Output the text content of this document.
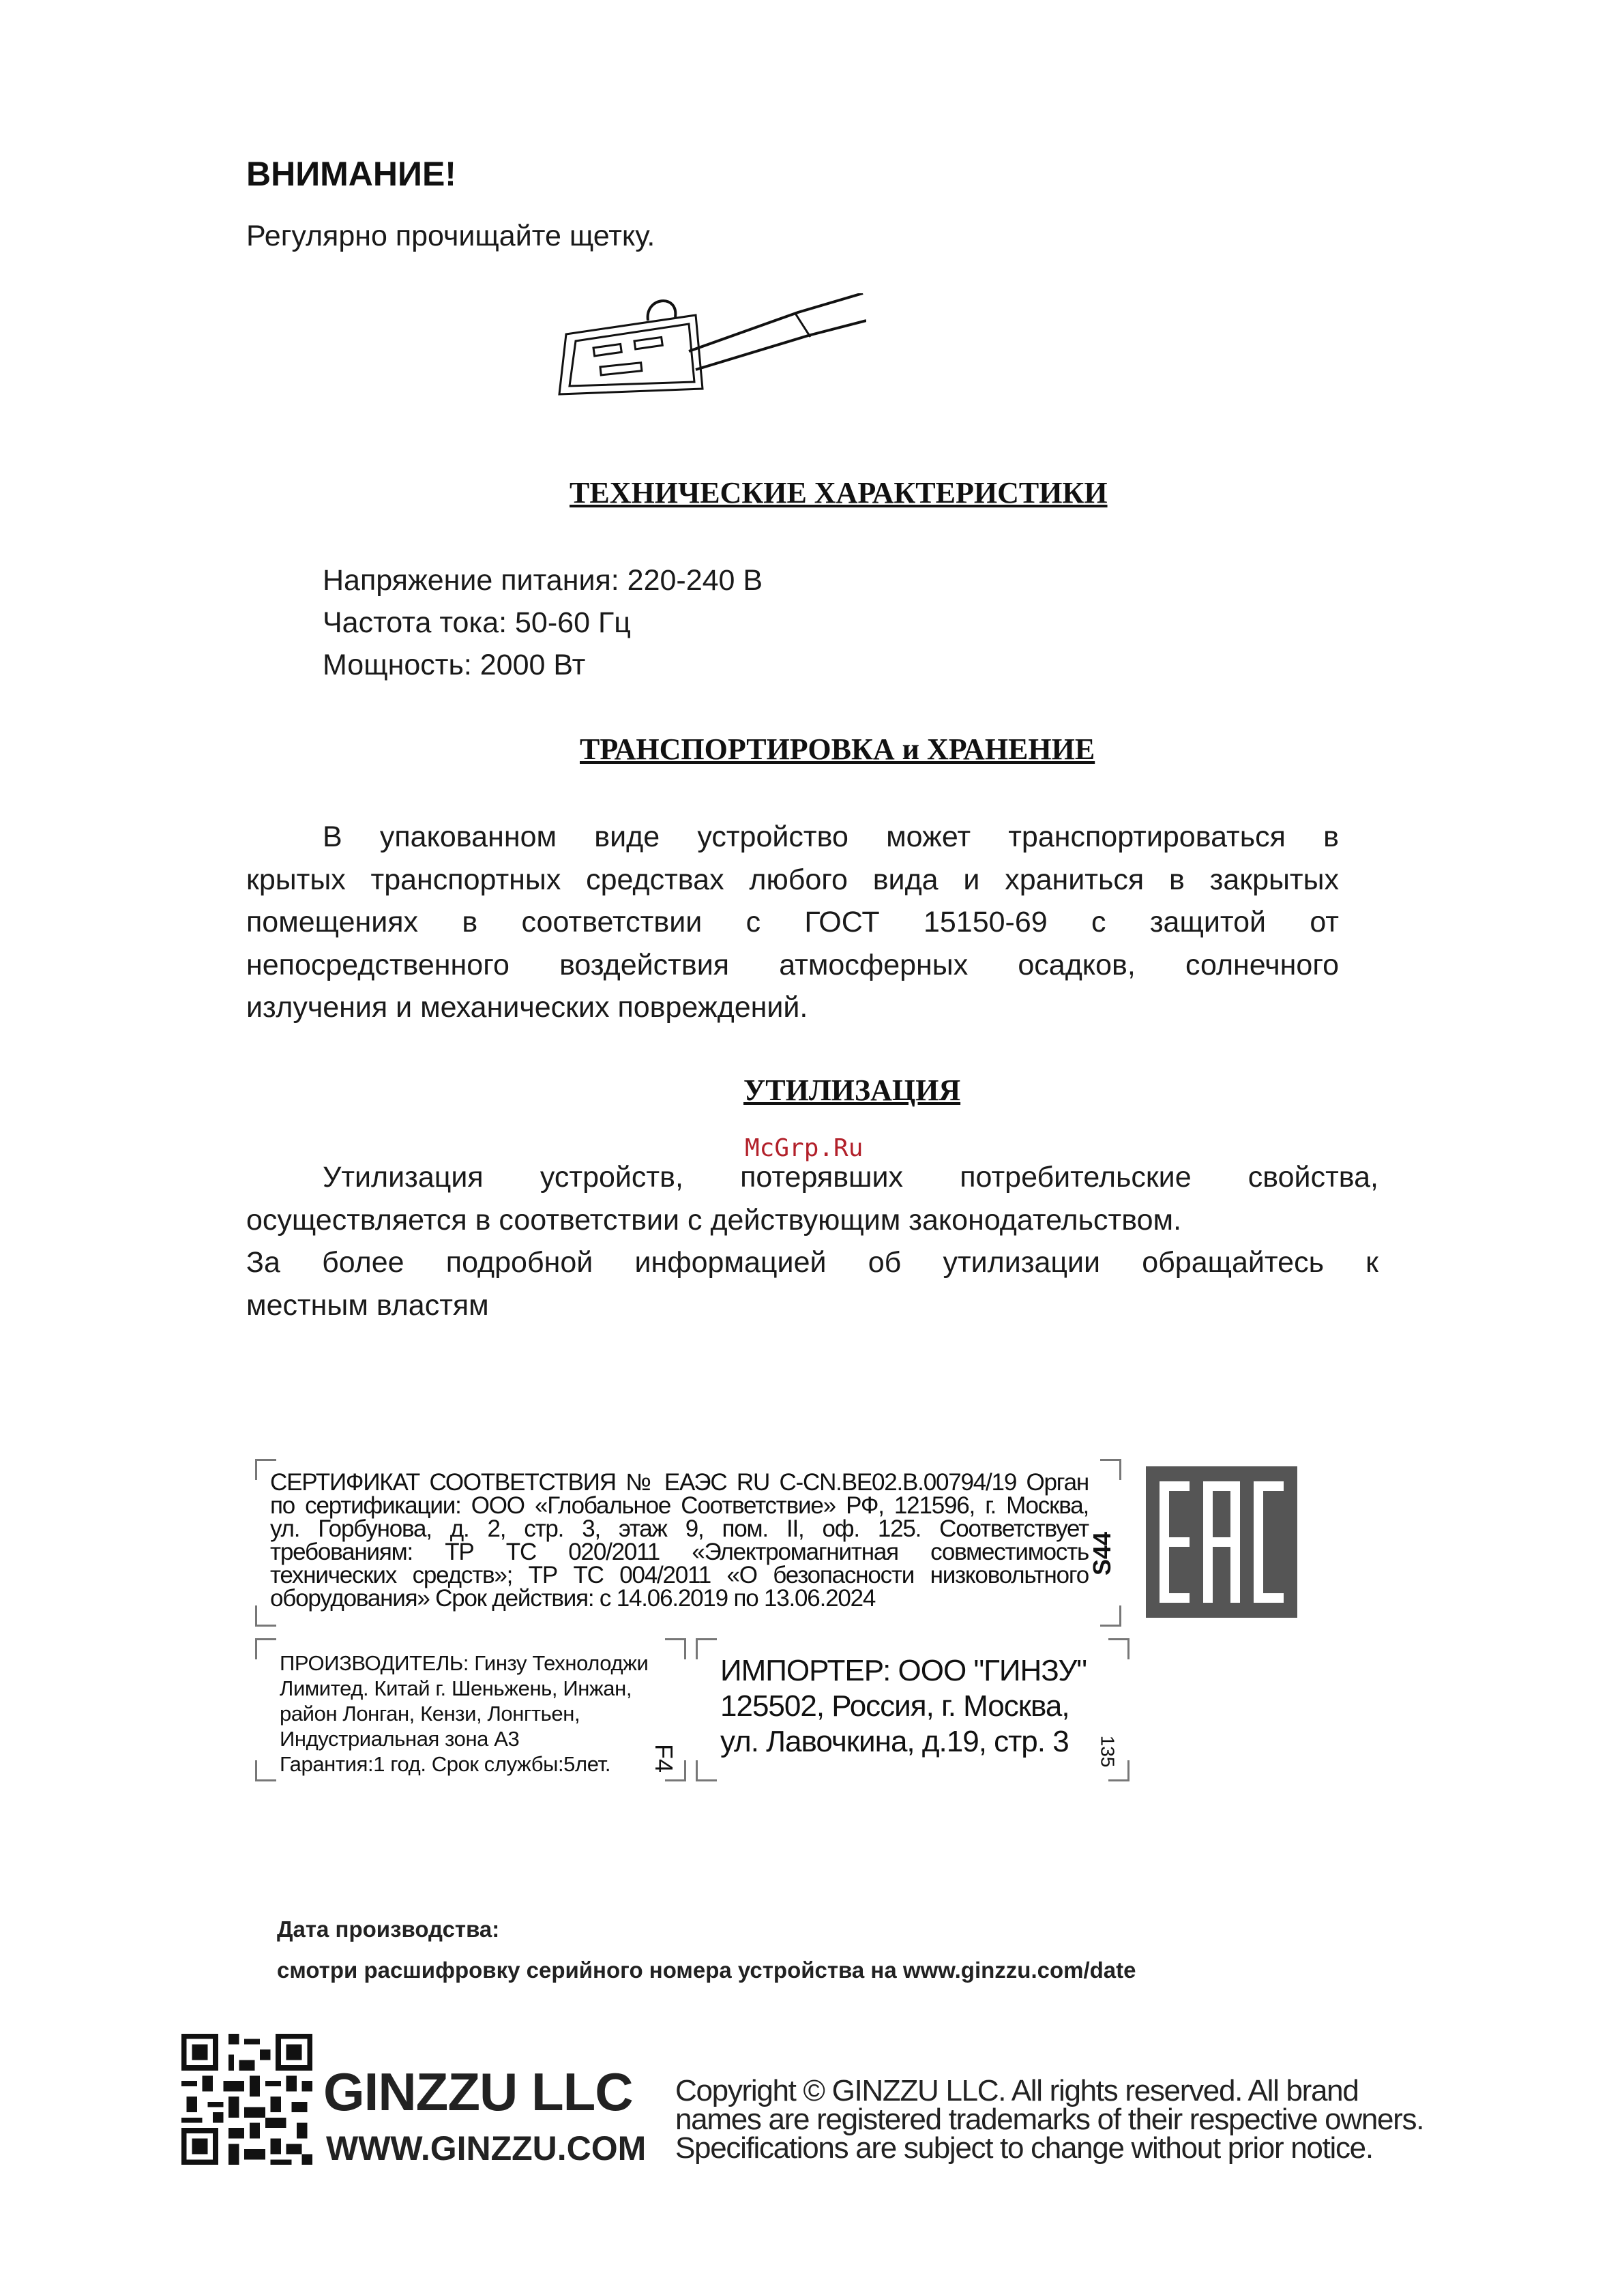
ВНИМАНИЕ!
Регулярно прочищайте щетку.
ТЕХНИЧЕСКИЕ ХАРАКТЕРИСТИКИ
Напряжение питания: 220-240 В
Частота тока: 50-60 Гц
Мощность: 2000 Вт
ТРАНСПОРТИРОВКА и ХРАНЕНИЕ
В упакованном виде устройство может транспортироваться в
крытых транспортных средствах любого вида и храниться в закрытых
помещениях в соответствии с ГОСТ 15150-69 с защитой от
непосредственного воздействия атмосферных осадков, солнечного
излучения и механических повреждений.
УТИЛИЗАЦИЯ
McGrp.Ru
Утилизация устройств, потерявших потребительские свойства,
осуществляется в соответствии с действующим законодательством.
За более подробной информацией об утилизации обращайтесь к
местным властям
СЕРТИФИКАТ СООТВЕТСТВИЯ № ЕАЭС RU C-CN.BE02.B.00794/19 Орган
по сертификации: ООО «Глобальное Соответствие» РФ, 121596, г. Москва,
ул. Горбунова, д. 2, стр. 3, этаж 9, пом. II, оф. 125. Соответствует
требованиям: ТР ТС 020/2011 «Электромагнитная совместимость
технических средств»; ТР ТС 004/2011 «О безопасности низковольтного
оборудования» Срок действия: с 14.06.2019 по 13.06.2024
S44
ПРОИЗВОДИТЕЛЬ: Гинзу Технолоджи
Лимитед. Китай г. Шеньжень, Инжан,
район Лонган, Кензи, Лонгтьен,
Индустриальная зона А3
Гарантия:1 год. Срок службы:5лет.	F4
ИМПОРТЕР: ООО "ГИНЗУ"
125502, Россия, г. Москва,
ул. Лавочкина, д.19, стр. 3	135
Дата производства:
смотри расшифровку серийного номера устройства на www.ginzzu.com/date
GINZZU LLC
WWW.GINZZU.COM
Copyright © GINZZU LLC. All rights reserved. All brand
names are registered trademarks of their respective owners.
Specifications are subject to change without prior notice.
